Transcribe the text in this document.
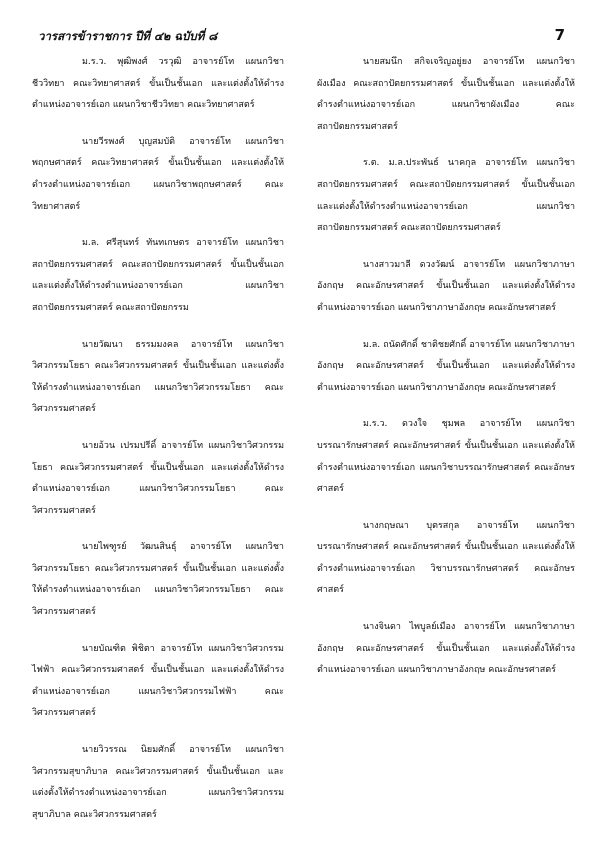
วารสารข้าราชการ ปีที่ ๔๒ ฉบับที่ ๘	7

ม.ร.ว. พุฒิพงศ์ วรวุฒิ อาจารย์โท แผนกวิชาชีววิทยา คณะวิทยาศาสตร์ ขั้นเป็นชั้นเอก และแต่งตั้งให้ดำรงตำแหน่งอาจารย์เอก แผนกวิชาชีววิทยา คณะวิทยาศาสตร์

นายวีรพงศ์ บุญสมบัติ อาจารย์โท แผนกวิชาพฤกษศาสตร์ คณะวิทยาศาสตร์ ขั้นเป็นชั้นเอก และแต่งตั้งให้ดำรงตำแหน่งอาจารย์เอก แผนกวิชาพฤกษศาสตร์ คณะวิทยาศาสตร์

ม.ล. ศรีสุนทร์ ทันทเกษตร อาจารย์โท แผนกวิชาสถาปัตยกรรมศาสตร์ คณะสถาปัตยกรรมศาสตร์ ขั้นเป็นชั้นเอก และแต่งตั้งให้ดำรงตำแหน่งอาจารย์เอก แผนกวิชาสถาปัตยกรรมศาสตร์ คณะสถาปัตยกรรม

นายวัฒนา ธรรมมงคล อาจารย์โท แผนกวิชาวิศวกรรมโยธา คณะวิศวกรรมศาสตร์ ขั้นเป็นชั้นเอก และแต่งตั้งให้ดำรงตำแหน่งอาจารย์เอก แผนกวิชาวิศวกรรมโยธา คณะวิศวกรรมศาสตร์

นายอ้วน เปรมปรีดิ์ อาจารย์โท แผนกวิชาวิศวกรรมโยธา คณะวิศวกรรมศาสตร์ ขั้นเป็นชั้นเอก และแต่งตั้งให้ดำรงตำแหน่งอาจารย์เอก แผนกวิชาวิศวกรรมโยธา คณะวิศวกรรมศาสตร์

นายไพฑูรย์ วัฒนสินธุ์ อาจารย์โท แผนกวิชาวิศวกรรมโยธา คณะวิศวกรรมศาสตร์ ขั้นเป็นชั้นเอก และแต่งตั้งให้ดำรงตำแหน่งอาจารย์เอก แผนกวิชาวิศวกรรมโยธา คณะวิศวกรรมศาสตร์

นายบัณฑิต พิชิตา อาจารย์โท แผนกวิชาวิศวกรรมไฟฟ้า คณะวิศวกรรมศาสตร์ ขั้นเป็นชั้นเอก และแต่งตั้งให้ดำรงตำแหน่งอาจารย์เอก แผนกวิชาวิศวกรรมไฟฟ้า คณะวิศวกรรมศาสตร์

นายวิวรรณ นิยมศักดิ์ อาจารย์โท แผนกวิชาวิศวกรรมสุขาภิบาล คณะวิศวกรรมศาสตร์ ขั้นเป็นชั้นเอก และแต่งตั้งให้ดำรงตำแหน่งอาจารย์เอก แผนกวิชาวิศวกรรมสุขาภิบาล คณะวิศวกรรมศาสตร์

นายสมนึก สกิจเจริญอยู่ยง อาจารย์โท แผนกวิชาผังเมือง คณะสถาปัตยกรรมศาสตร์ ขั้นเป็นชั้นเอก และแต่งตั้งให้ดำรงตำแหน่งอาจารย์เอก แผนกวิชาผังเมือง คณะสถาปัตยกรรมศาสตร์

ร.ต. ม.ล.ประพันธ์ นาคกุล อาจารย์โท แผนกวิชาสถาปัตยกรรมศาสตร์ คณะสถาปัตยกรรมศาสตร์ ขั้นเป็นชั้นเอก และแต่งตั้งให้ดำรงตำแหน่งอาจารย์เอก แผนกวิชาสถาปัตยกรรมศาสตร์ คณะสถาปัตยกรรมศาสตร์

นางสาวมาลี ดวงวัฒน์ อาจารย์โท แผนกวิชาภาษาอังกฤษ คณะอักษรศาสตร์ ขั้นเป็นชั้นเอก และแต่งตั้งให้ดำรงตำแหน่งอาจารย์เอก แผนกวิชาภาษาอังกฤษ คณะอักษรศาสตร์

ม.ล. ถนัดศักดิ์ ชาติชยศักดิ์ อาจารย์โท แผนกวิชาภาษาอังกฤษ คณะอักษรศาสตร์ ขั้นเป็นชั้นเอก และแต่งตั้งให้ดำรงตำแหน่งอาจารย์เอก แผนกวิชาภาษาอังกฤษ คณะอักษรศาสตร์

ม.ร.ว. ดวงใจ ชุมพล อาจารย์โท แผนกวิชาบรรณารักษศาสตร์ คณะอักษรศาสตร์ ขั้นเป็นชั้นเอก และแต่งตั้งให้ดำรงตำแหน่งอาจารย์เอก แผนกวิชาบรรณารักษศาสตร์ คณะอักษรศาสตร์

นางกฤษณา บุตรสกุล อาจารย์โท แผนกวิชาบรรณารักษศาสตร์ คณะอักษรศาสตร์ ขั้นเป็นชั้นเอก และแต่งตั้งให้ดำรงตำแหน่งอาจารย์เอก วิชาบรรณารักษศาสตร์ คณะอักษรศาสตร์

นางจินดา ไพบูลย์เมือง อาจารย์โท แผนกวิชาภาษาอังกฤษ คณะอักษรศาสตร์ ขั้นเป็นชั้นเอก และแต่งตั้งให้ดำรงตำแหน่งอาจารย์เอก แผนกวิชาภาษาอังกฤษ คณะอักษรศาสตร์
